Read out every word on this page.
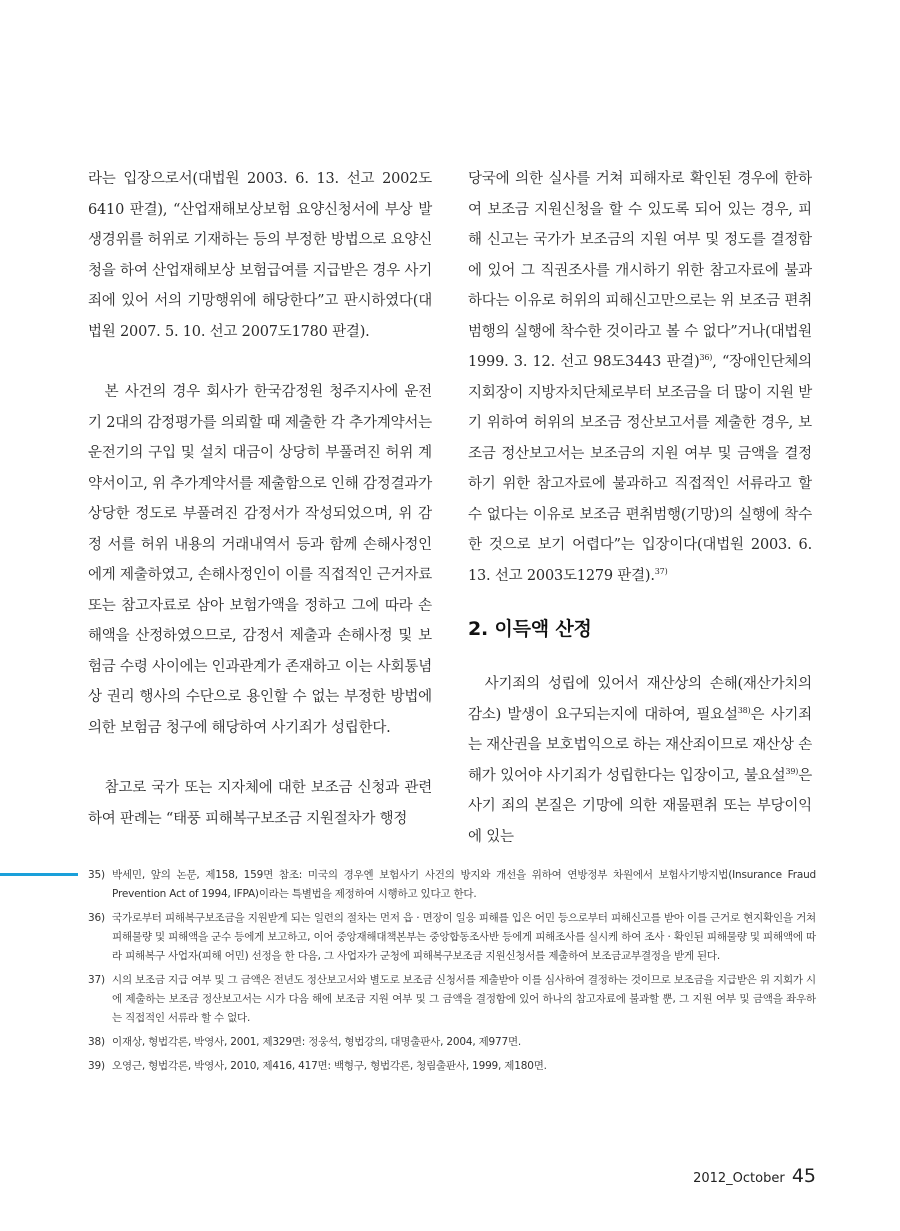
라는 입장으로서(대법원 2003. 6. 13. 선고 2002도6410 판결), “산업재해보상보험 요양신청서에 부상 발생경위를 허위로 기재하는 등의 부정한 방법으로 요양신청을 하여 산업재해보상 보험급여를 지급받은 경우 사기죄에 있어 서의 기망행위에 해당한다”고 판시하였다(대법원 2007. 5. 10. 선고 2007도1780 판결).

본 사건의 경우 회사가 한국감정원 청주지사에 운전기 2대의 감정평가를 의뢰할 때 제출한 각 추가계약서는 운전기의 구입 및 설치 대금이 상당히 부풀려진 허위 계약서이고, 위 추가계약서를 제출함으로 인해 감정결과가 상당한 정도로 부풀려진 감정서가 작성되었으며, 위 감정 서를 허위 내용의 거래내역서 등과 함께 손해사정인에게 제출하였고, 손해사정인이 이를 직접적인 근거자료 또는 참고자료로 삼아 보험가액을 정하고 그에 따라 손해액을 산정하였으므로, 감정서 제출과 손해사정 및 보험금 수령 사이에는 인과관계가 존재하고 이는 사회통념상 권리 행사의 수단으로 용인할 수 없는 부정한 방법에 의한 보험금 청구에 해당하여 사기죄가 성립한다.

참고로 국가 또는 지자체에 대한 보조금 신청과 관련 하여 판례는 “태풍 피해복구보조금 지원절차가 행정

당국에 의한 실사를 거쳐 피해자로 확인된 경우에 한하여 보조금 지원신청을 할 수 있도록 되어 있는 경우, 피해 신고는 국가가 보조금의 지원 여부 및 정도를 결정함에 있어 그 직권조사를 개시하기 위한 참고자료에 불과 하다는 이유로 허위의 피해신고만으로는 위 보조금 편취 범행의 실행에 착수한 것이라고 볼 수 없다”거나(대법원 1999. 3. 12. 선고 98도3443 판결)$^{36)}$, “장애인단체의 지회장이 지방자치단체로부터 보조금을 더 많이 지원 받기 위하여 허위의 보조금 정산보고서를 제출한 경우, 보조금 정산보고서는 보조금의 지원 여부 및 금액을 결정하기 위한 참고자료에 불과하고 직접적인 서류라고 할 수 없다는 이유로 보조금 편취범행(기망)의 실행에 착수한 것으로 보기 어렵다”는 입장이다(대법원 2003. 6. 13. 선고 2003도1279 판결).$^{37)}$

2. 이득액 산정

사기죄의 성립에 있어서 재산상의 손해(재산가치의 감소) 발생이 요구되는지에 대하여, 필요설$^{38)}$은 사기죄는 재산권을 보호법익으로 하는 재산죄이므로 재산상 손해가 있어야 사기죄가 성립한다는 입장이고, 불요설$^{39)}$은 사기 죄의 본질은 기망에 의한 재물편취 또는 부당이익에 있는

35) 박세민, 앞의 논문, 제158, 159면 참조: 미국의 경우엔 보험사기 사건의 방지와 개선을 위하여 연방정부 차원에서 보험사기방지법(Insurance Fraud Prevention Act of 1994, IFPA)이라는 특별법을 제정하여 시행하고 있다고 한다.
36) 국가로부터 피해복구보조금을 지원받게 되는 일련의 절차는 먼저 읍 · 면장이 일응 피해를 입은 어민 등으로부터 피해신고를 받아 이를 근거로 현지확인을 거쳐 피해물량 및 피해액을 군수 등에게 보고하고, 이어 중앙재해대책본부는 중앙합동조사반 등에게 피해조사를 실시케 하여 조사 · 확인된 피해물량 및 피해액에 따라 피해복구 사업자(피해 어민) 선정을 한 다음, 그 사업자가 군청에 피해복구보조금 지원신청서를 제출하여 보조금교부결정을 받게 된다.
37) 시의 보조금 지급 여부 및 그 금액은 전년도 정산보고서와 별도로 보조금 신청서를 제출받아 이를 심사하여 결정하는 것이므로 보조금을 지급받은 위 지회가 시에 제출하는 보조금 정산보고서는 시가 다음 해에 보조금 지원 여부 및 그 금액을 결정함에 있어 하나의 참고자료에 불과할 뿐, 그 지원 여부 및 금액을 좌우하는 직접적인 서류라 할 수 없다.
38) 이재상, 형법각론, 박영사, 2001, 제329면: 정웅석, 형법강의, 대명출판사, 2004, 제977면.
39) 오영근, 형법각론, 박영사, 2010, 제416, 417면: 백형구, 형법각론, 청림출판사, 1999, 제180면.
2012_October 45
